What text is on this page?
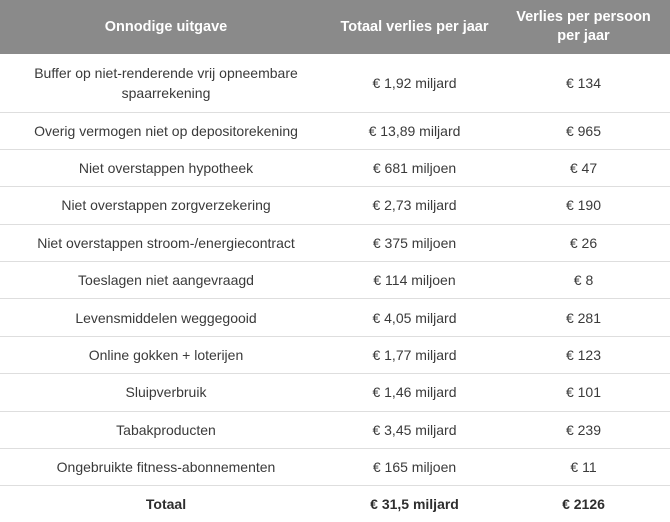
Onnodige uitgave	Totaal verlies per jaar	Verlies per persoon per jaar
Buffer op niet-renderende vrij opneembare spaarrekening	€ 1,92 miljard	€ 134
Overig vermogen niet op depositorekening	€ 13,89 miljard	€ 965
Niet overstappen hypotheek	€ 681 miljoen	€ 47
Niet overstappen zorgverzekering	€ 2,73 miljard	€ 190
Niet overstappen stroom-/energiecontract	€ 375 miljoen	€ 26
Toeslagen niet aangevraagd	€ 114 miljoen	€ 8
Levensmiddelen weggegooid	€ 4,05 miljard	€ 281
Online gokken + loterijen	€ 1,77 miljard	€ 123
Sluipverbruik	€ 1,46 miljard	€ 101
Tabakproducten	€ 3,45 miljard	€ 239
Ongebruikte fitness-abonnementen	€ 165 miljoen	€ 11
Totaal	€ 31,5 miljard	€ 2126
